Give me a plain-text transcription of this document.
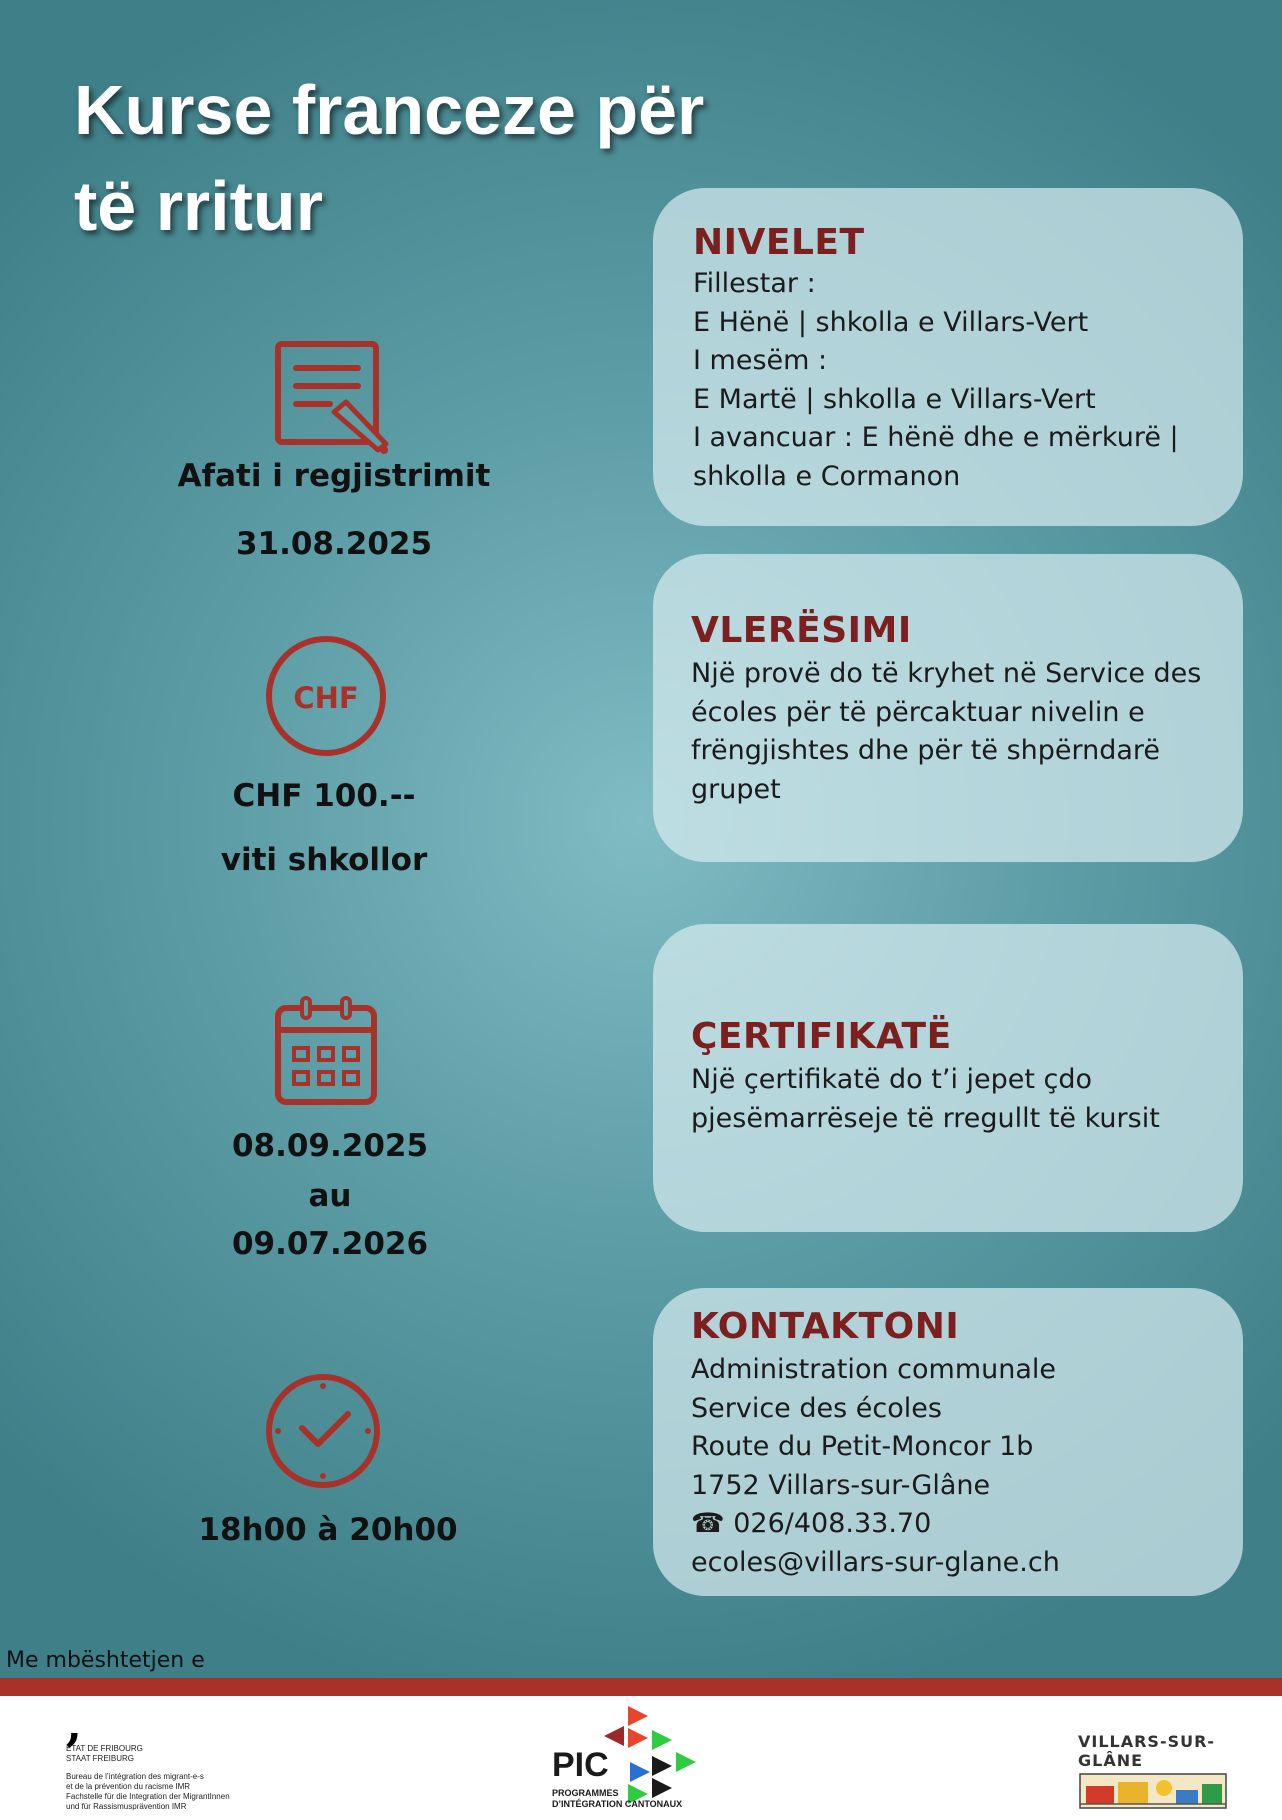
Kurse franceze për
të rritur
Afati i regjistrimit
31.08.2025
CHF
CHF 100.--
viti shkollor
08.09.2025
au
09.07.2026
18h00 à 20h00
NIVELET
Fillestar :
E Hënë | shkolla e Villars-Vert
I mesëm :
E Martë | shkolla e Villars-Vert
I avancuar : E hënë dhe e mërkurë |
shkolla e Cormanon
VLERËSIMI
Një provë do të kryhet në Service des
écoles për të përcaktuar nivelin e
frëngjishtes dhe për të shpërndarë
grupet
ÇERTIFIKATË
Një çertifikatë do t’i jepet çdo
pjesëmarrëseje të rregullt të kursit
KONTAKTONI
Administration communale
Service des écoles
Route du Petit-Moncor 1b
1752 Villars-sur-Glâne
☎ 026/408.33.70
ecoles@villars-sur-glane.ch
Me mbështetjen e
,
ETAT DE FRIBOURG
STAAT FREIBURG
Bureau de l’intégration des migrant-e-s
et de la prévention du racisme IMR
Fachstelle für die Integration der MigrantInnen
und für Rassismusprävention IMR
PIC
PROGRAMMES
D’INTÉGRATION CANTONAUX
VILLARS-SUR-GLÂNE
